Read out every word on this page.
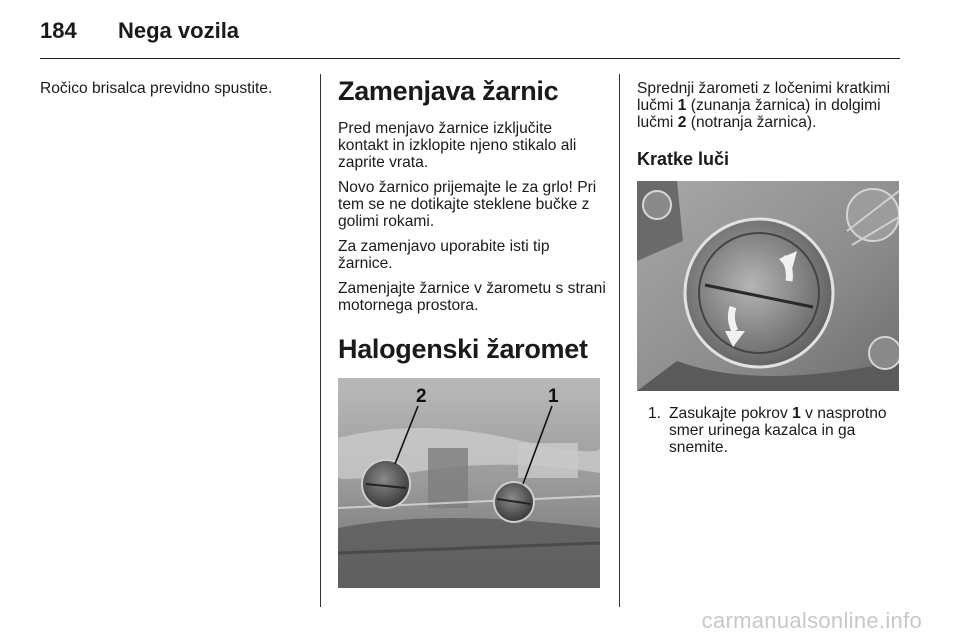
184 Nega vozila

Ročico brisalca previdno spustite.	Zamenjava žarnic

Pred menjavo žarnice izključite kontakt in izklopite njeno stikalo ali zaprite vrata.

Novo žarnico prijemajte le za grlo! Pri tem se ne dotikajte steklene bučke z golimi rokami.

Za zamenjavo uporabite isti tip žarnice.

Zamenjajte žarnice v žarometu s strani motornega prostora.

Halogenski žaromet
2	1

Sprednji žarometi z ločenimi kratkimi lučmi 1 (zunanja žarnica) in dolgimi lučmi 2 (notranja žarnica).

Kratke luči
1. Zasukajte pokrov 1 v nasprotno smer urinega kazalca in ga snemite.
carmanualsonline.info
